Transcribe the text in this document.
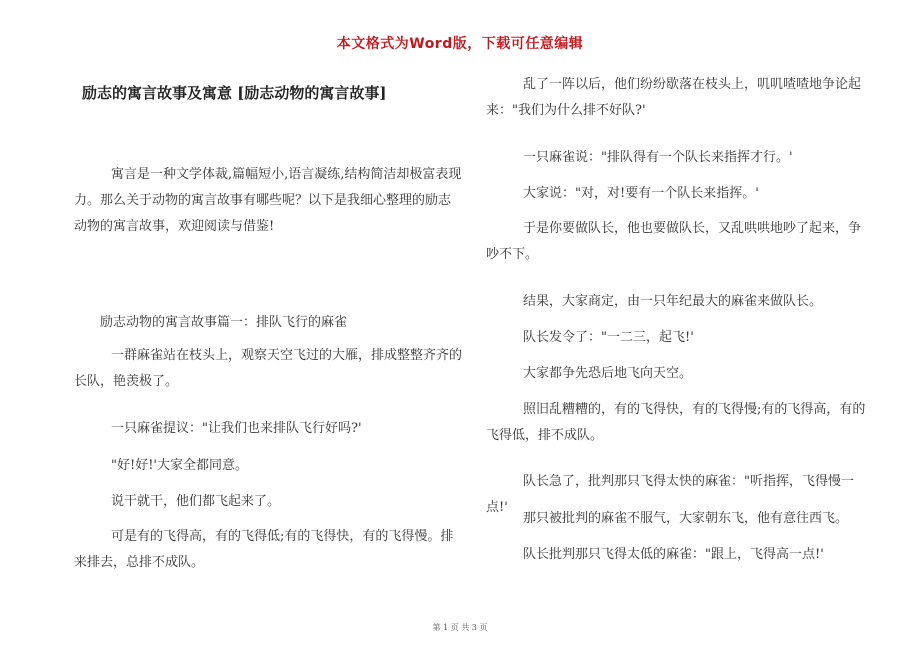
本文格式为Word版，下载可任意编辑
励志的寓言故事及寓意 [励志动物的寓言故事]

寓言是一种文学体裁,篇幅短小,语言凝练,结构简洁却极富表现力。那么关于动物的寓言故事有哪些呢？以下是我细心整理的励志动物的寓言故事，欢迎阅读与借鉴!

励志动物的寓言故事篇一：排队飞行的麻雀

一群麻雀站在枝头上，观察天空飞过的大雁，排成整整齐齐的长队，艳羡极了。

一只麻雀提议："让我们也来排队飞行好吗?'

"好!好!'大家全都同意。

说干就干，他们都飞起来了。

可是有的飞得高，有的飞得低;有的飞得快，有的飞得慢。排来排去，总排不成队。

乱了一阵以后，他们纷纷歇落在枝头上，叽叽喳喳地争论起来："我们为什么排不好队?'

一只麻雀说："排队得有一个队长来指挥才行。'

大家说："对，对!要有一个队长来指挥。'

于是你要做队长，他也要做队长，又乱哄哄地吵了起来，争吵不下。

结果，大家商定，由一只年纪最大的麻雀来做队长。

队长发令了："一二三，起飞!'

大家都争先恐后地飞向天空。

照旧乱糟糟的，有的飞得快，有的飞得慢;有的飞得高，有的飞得低，排不成队。

队长急了，批判那只飞得太快的麻雀："听指挥，飞得慢一点!'

那只被批判的麻雀不服气，大家朝东飞，他有意往西飞。

队长批判那只飞得太低的麻雀："跟上，飞得高一点!'

第 1 页 共 3 页
